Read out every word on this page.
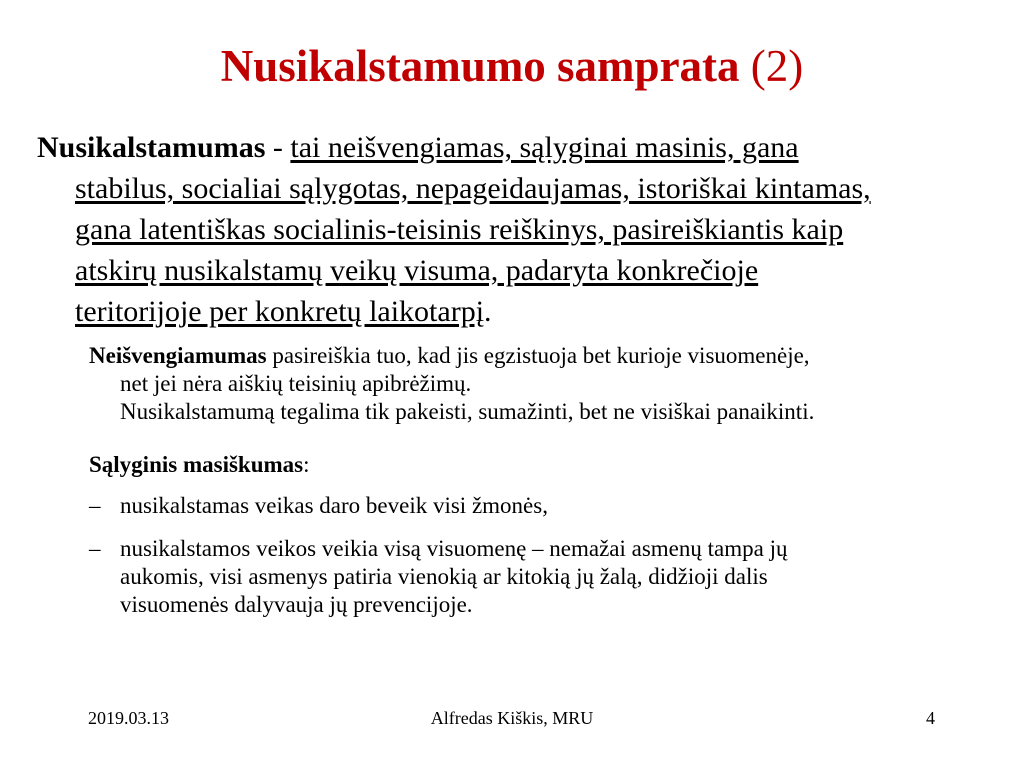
Nusikalstamumo samprata (2)
Nusikalstamumas - tai neišvengiamas, sąlyginai masinis, gana
stabilus, socialiai sąlygotas, nepageidaujamas, istoriškai kintamas,
gana latentiškas socialinis-teisinis reiškinys, pasireiškiantis kaip
atskirų nusikalstamų veikų visuma, padaryta konkrečioje
teritorijoje per konkretų laikotarpį.
Neišvengiamumas pasireiškia tuo, kad jis egzistuoja bet kurioje visuomenėje,
net jei nėra aiškių teisinių apibrėžimų.
Nusikalstamumą tegalima tik pakeisti, sumažinti, bet ne visiškai panaikinti.
Sąlyginis masiškumas:
– nusikalstamas veikas daro beveik visi žmonės,
– nusikalstamos veikos veikia visą visuomenę – nemažai asmenų tampa jų
aukomis, visi asmenys patiria vienokią ar kitokią jų žalą, didžioji dalis
visuomenės dalyvauja jų prevencijoje.
2019.03.13	Alfredas Kiškis, MRU	4
